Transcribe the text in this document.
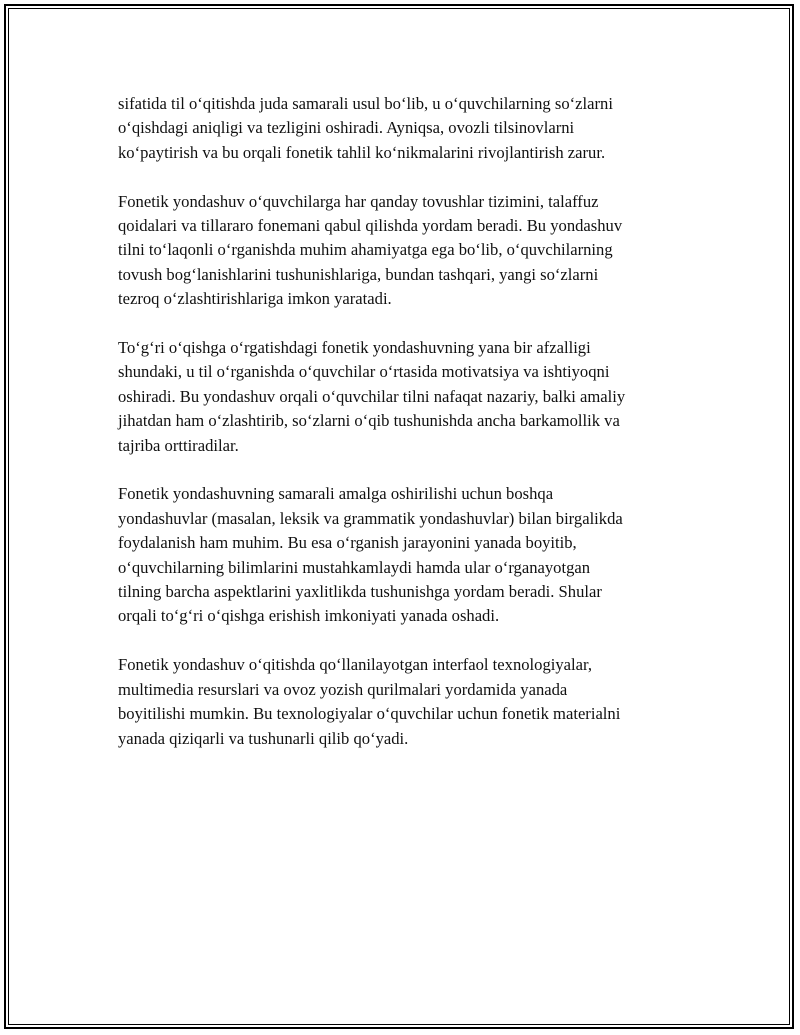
sifatida til o‘qitishda juda samarali usul bo‘lib, u o‘quvchilarning so‘zlarni
o‘qishdagi aniqligi va tezligini oshiradi. Ayniqsa, ovozli tilsinovlarni
ko‘paytirish va bu orqali fonetik tahlil ko‘nikmalarini rivojlantirish zarur.

Fonetik yondashuv o‘quvchilarga har qanday tovushlar tizimini, talaffuz
qoidalari va tillararo fonemani qabul qilishda yordam beradi. Bu yondashuv
tilni to‘laqonli o‘rganishda muhim ahamiyatga ega bo‘lib, o‘quvchilarning
tovush bog‘lanishlarini tushunishlariga, bundan tashqari, yangi so‘zlarni
tezroq o‘zlashtirishlariga imkon yaratadi.

To‘g‘ri o‘qishga o‘rgatishdagi fonetik yondashuvning yana bir afzalligi
shundaki, u til o‘rganishda o‘quvchilar o‘rtasida motivatsiya va ishtiyoqni
oshiradi. Bu yondashuv orqali o‘quvchilar tilni nafaqat nazariy, balki amaliy
jihatdan ham o‘zlashtirib, so‘zlarni o‘qib tushunishda ancha barkamollik va
tajriba orttiradilar.

Fonetik yondashuvning samarali amalga oshirilishi uchun boshqa
yondashuvlar (masalan, leksik va grammatik yondashuvlar) bilan birgalikda
foydalanish ham muhim. Bu esa o‘rganish jarayonini yanada boyitib,
o‘quvchilarning bilimlarini mustahkamlaydi hamda ular o‘rganayotgan
tilning barcha aspektlarini yaxlitlikda tushunishga yordam beradi. Shular
orqali to‘g‘ri o‘qishga erishish imkoniyati yanada oshadi.

Fonetik yondashuv o‘qitishda qo‘llanilayotgan interfaol texnologiyalar,
multimedia resurslari va ovoz yozish qurilmalari yordamida yanada
boyitilishi mumkin. Bu texnologiyalar o‘quvchilar uchun fonetik materialni
yanada qiziqarli va tushunarli qilib qo‘yadi.
